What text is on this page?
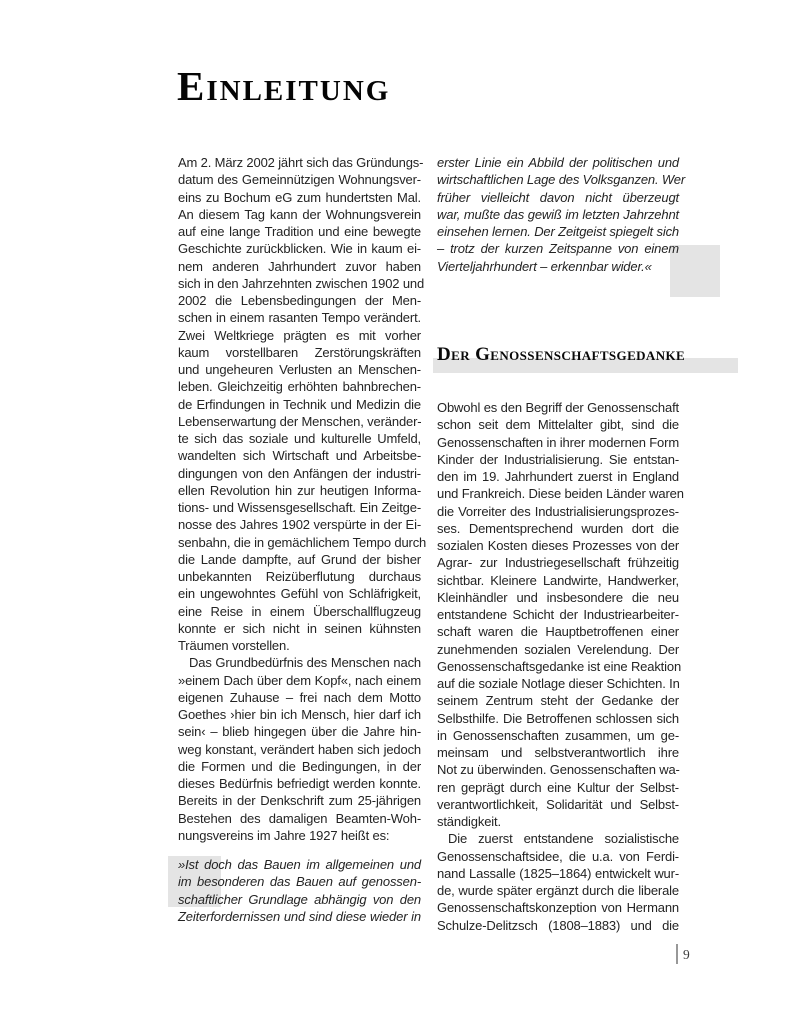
Einleitung
Am 2. März 2002 jährt sich das Gründungs-
datum des Gemeinnützigen Wohnungsver-
eins zu Bochum eG zum hundertsten Mal.
An diesem Tag kann der Wohnungsverein
auf eine lange Tradition und eine bewegte
Geschichte zurückblicken. Wie in kaum ei-
nem anderen Jahrhundert zuvor haben
sich in den Jahrzehnten zwischen 1902 und
2002 die Lebensbedingungen der Men-
schen in einem rasanten Tempo verändert.
Zwei Weltkriege prägten es mit vorher
kaum vorstellbaren Zerstörungskräften
und ungeheuren Verlusten an Menschen-
leben. Gleichzeitig erhöhten bahnbrechen-
de Erfindungen in Technik und Medizin die
Lebenserwartung der Menschen, veränder-
te sich das soziale und kulturelle Umfeld,
wandelten sich Wirtschaft und Arbeitsbe-
dingungen von den Anfängen der industri-
ellen Revolution hin zur heutigen Informa-
tions- und Wissensgesellschaft. Ein Zeitge-
nosse des Jahres 1902 verspürte in der Ei-
senbahn, die in gemächlichem Tempo durch
die Lande dampfte, auf Grund der bisher
unbekannten Reizüberflutung durchaus
ein ungewohntes Gefühl von Schläfrigkeit,
eine Reise in einem Überschallflugzeug
konnte er sich nicht in seinen kühnsten
Träumen vorstellen.
Das Grundbedürfnis des Menschen nach
»einem Dach über dem Kopf«, nach einem
eigenen Zuhause – frei nach dem Motto
Goethes ›hier bin ich Mensch, hier darf ich
sein‹ – blieb hingegen über die Jahre hin-
weg konstant, verändert haben sich jedoch
die Formen und die Bedingungen, in der
dieses Bedürfnis befriedigt werden konnte.
Bereits in der Denkschrift zum 25-jährigen
Bestehen des damaligen Beamten-Woh-
nungsvereins im Jahre 1927 heißt es:
»Ist doch das Bauen im allgemeinen und
im besonderen das Bauen auf genossen-
schaftlicher Grundlage abhängig von den
Zeiterfordernissen und sind diese wieder in
erster Linie ein Abbild der politischen und
wirtschaftlichen Lage des Volksganzen. Wer
früher vielleicht davon nicht überzeugt
war, mußte das gewiß im letzten Jahrzehnt
einsehen lernen. Der Zeitgeist spiegelt sich
– trotz der kurzen Zeitspanne von einem
Vierteljahrhundert – erkennbar wider.«
Der Genossenschaftsgedanke
Obwohl es den Begriff der Genossenschaft
schon seit dem Mittelalter gibt, sind die
Genossenschaften in ihrer modernen Form
Kinder der Industrialisierung. Sie entstan-
den im 19. Jahrhundert zuerst in England
und Frankreich. Diese beiden Länder waren
die Vorreiter des Industrialisierungsprozes-
ses. Dementsprechend wurden dort die
sozialen Kosten dieses Prozesses von der
Agrar- zur Industriegesellschaft frühzeitig
sichtbar. Kleinere Landwirte, Handwerker,
Kleinhändler und insbesondere die neu
entstandene Schicht der Industriearbeiter-
schaft waren die Hauptbetroffenen einer
zunehmenden sozialen Verelendung. Der
Genossenschaftsgedanke ist eine Reaktion
auf die soziale Notlage dieser Schichten. In
seinem Zentrum steht der Gedanke der
Selbsthilfe. Die Betroffenen schlossen sich
in Genossenschaften zusammen, um ge-
meinsam und selbstverantwortlich ihre
Not zu überwinden. Genossenschaften wa-
ren geprägt durch eine Kultur der Selbst-
verantwortlichkeit, Solidarität und Selbst-
ständigkeit.
Die zuerst entstandene sozialistische
Genossenschaftsidee, die u.a. von Ferdi-
nand Lassalle (1825–1864) entwickelt wur-
de, wurde später ergänzt durch die liberale
Genossenschaftskonzeption von Hermann
Schulze-Delitzsch (1808–1883) und die
9
